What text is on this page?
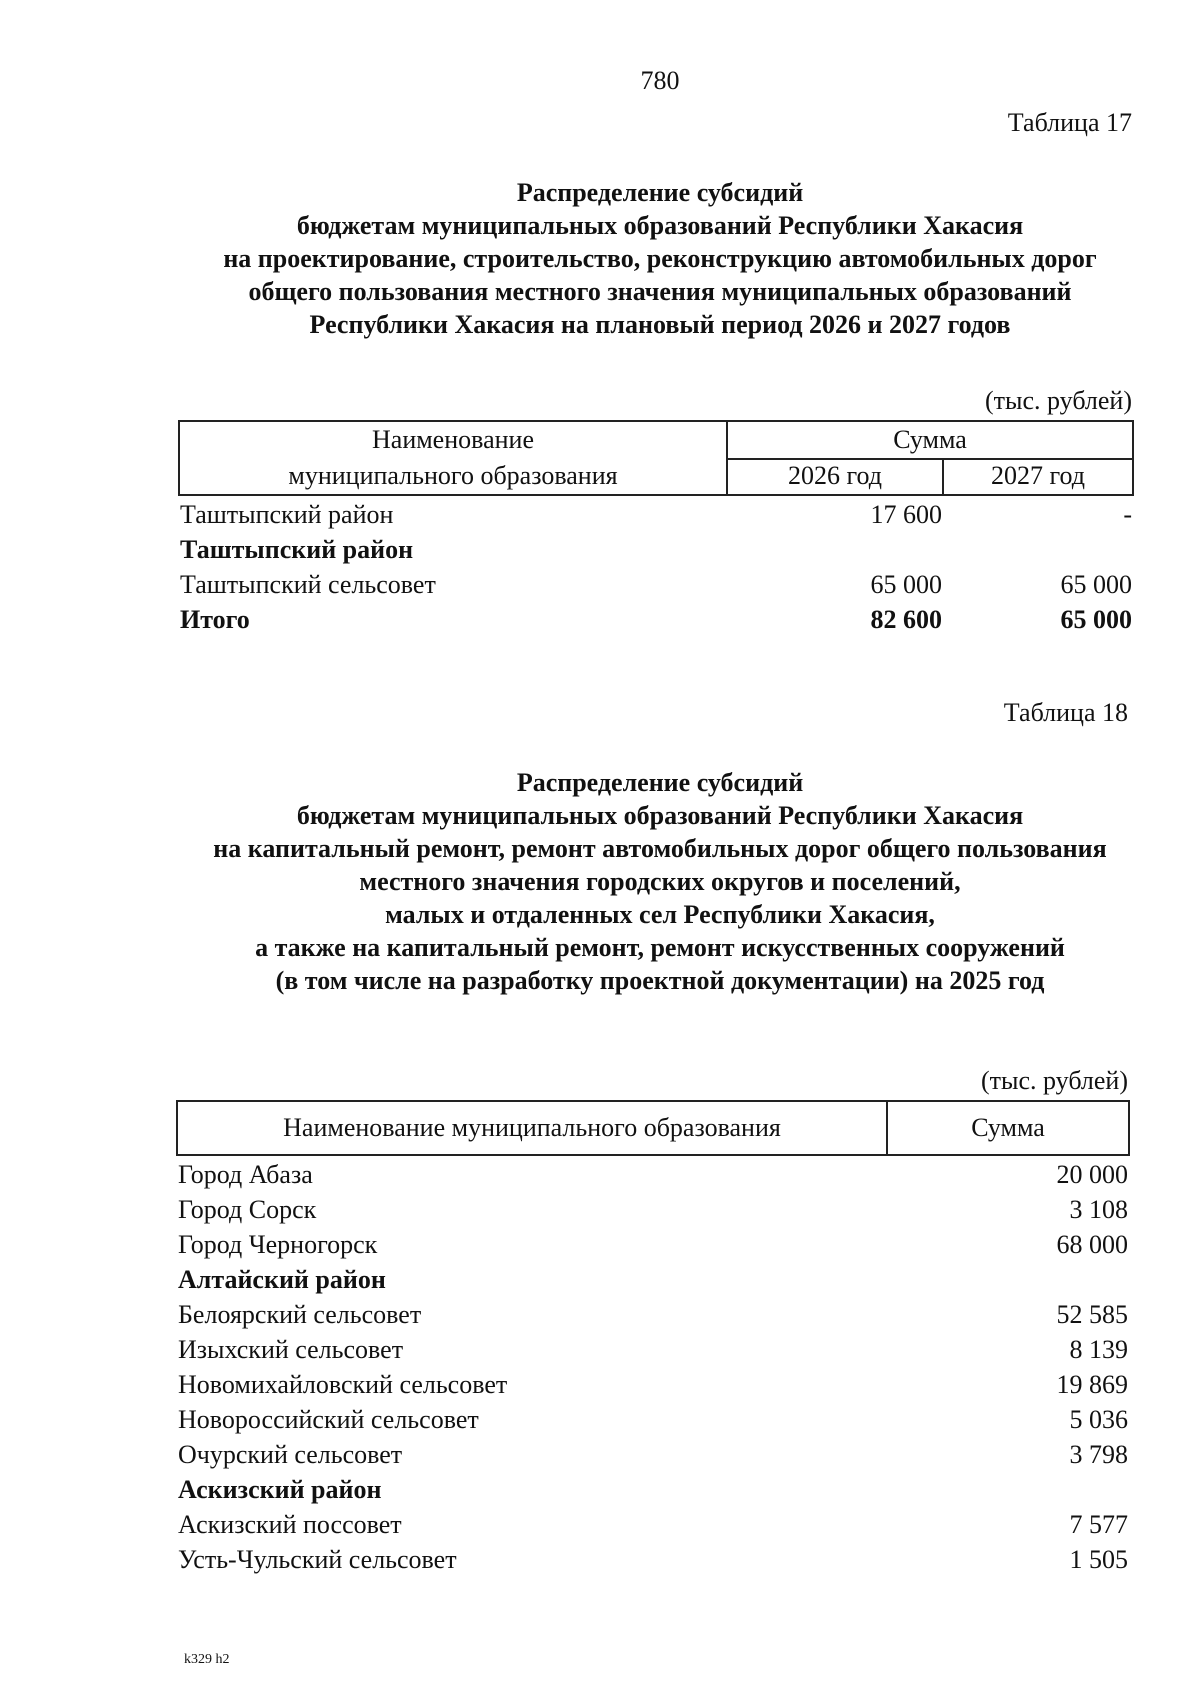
780
Таблица 17
Распределение субсидий
бюджетам муниципальных образований Республики Хакасия
на проектирование, строительство, реконструкцию автомобильных дорог
общего пользования местного значения муниципальных образований
Республики Хакасия на плановый период 2026 и 2027 годов
(тыс. рублей)
Наименование
муниципального образования
Сумма
2026 год	2027 год
Таштыпский район	17 600	-
Таштыпский район
Таштыпский сельсовет	65 000	65 000
Итого	82 600	65 000
Таблица 18
Распределение субсидий
бюджетам муниципальных образований Республики Хакасия
на капитальный ремонт, ремонт автомобильных дорог общего пользования
местного значения городских округов и поселений,
малых и отдаленных сел Республики Хакасия,
а также на капитальный ремонт, ремонт искусственных сооружений
(в том числе на разработку проектной документации) на 2025 год
(тыс. рублей)
Наименование муниципального образования	Сумма
Город Абаза	20 000
Город Сорск	3 108
Город Черногорск	68 000
Алтайский район
Белоярский сельсовет	52 585
Изыхский сельсовет	8 139
Новомихайловский сельсовет	19 869
Новороссийский сельсовет	5 036
Очурский сельсовет	3 798
Аскизский район
Аскизский поссовет	7 577
Усть-Чульский сельсовет	1 505
k329 h2
